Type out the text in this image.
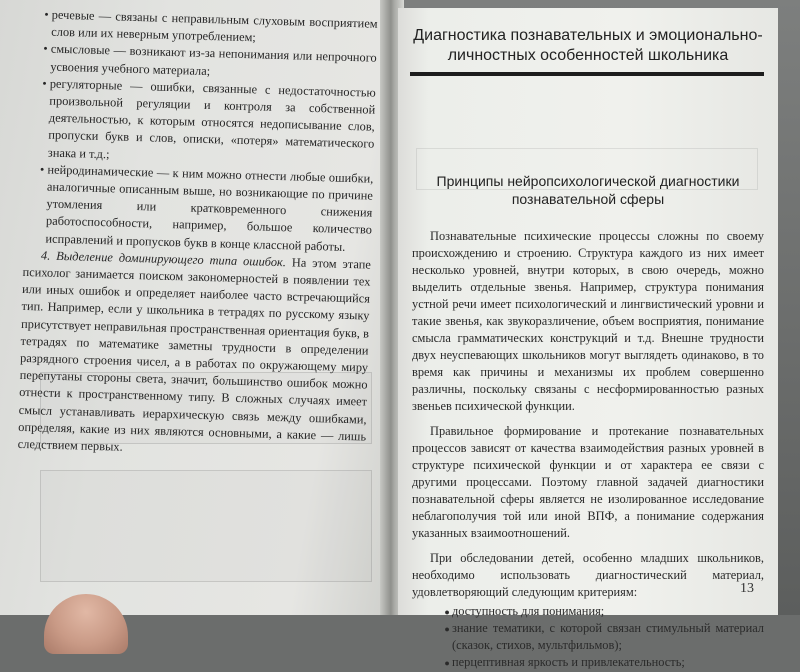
• речевые — связаны с неправильным слуховым восприятием слов или их неверным употреблением;
• смысловые — возникают из-за непонимания или непрочного усвоения учебного материала;
• регуляторные — ошибки, связанные с недостаточностью произвольной регуляции и контроля за собственной деятельностью, к которым относятся недописывание слов, пропуски букв и слов, описки, «потеря» математического знака и т.д.;
• нейродинамические — к ним можно отнести любые ошибки, аналогичные описанным выше, но возникающие по причине утомления или кратковременного снижения работоспособности, например, большое количество исправлений и пропусков букв в конце классной работы.

4. Выделение доминирующего типа ошибок. На этом этапе психолог занимается поиском закономерностей в появлении тех или иных ошибок и определяет наиболее часто встречающийся тип. Например, если у школьника в тетрадях по русскому языку присутствует неправильная пространственная ориентация букв, в тетрадях по математике заметны трудности в определении разрядного строения чисел, а в работах по окружающему миру перепутаны стороны света, значит, большинство ошибок можно отнести к пространственному типу. В сложных случаях имеет смысл устанавливать иерархическую связь между ошибками, определяя, какие из них являются основными, а какие — лишь следствием первых.

Диагностика познавательных и эмоционально-личностных особенностей школьника
Принципы нейропсихологической диагностики познавательной сферы

Познавательные психические процессы сложны по своему происхождению и строению. Структура каждого из них имеет несколько уровней, внутри которых, в свою очередь, можно выделить отдельные звенья. Например, структура понимания устной речи имеет психологический и лингвистический уровни и такие звенья, как звукоразличение, объем восприятия, понимание смысла грамматических конструкций и т.д. Внешне трудности двух неуспевающих школьников могут выглядеть одинаково, в то время как причины и механизмы их проблем совершенно различны, поскольку связаны с несформированностью разных звеньев психической функции.

Правильное формирование и протекание познавательных процессов зависят от качества взаимодействия разных уровней в структуре психической функции и от характера ее связи с другими процессами. Поэтому главной задачей диагностики познавательной сферы является не изолированное исследование неблагополучия той или иной ВПФ, а понимание содержания указанных взаимоотношений.

При обследовании детей, особенно младших школьников, необходимо использовать диагностический материал, удовлетворяющий следующим критериям:

• доступность для понимания;
• знание тематики, с которой связан стимульный материал (сказок, стихов, мультфильмов);
• перцептивная яркость и привлекательность;
13
